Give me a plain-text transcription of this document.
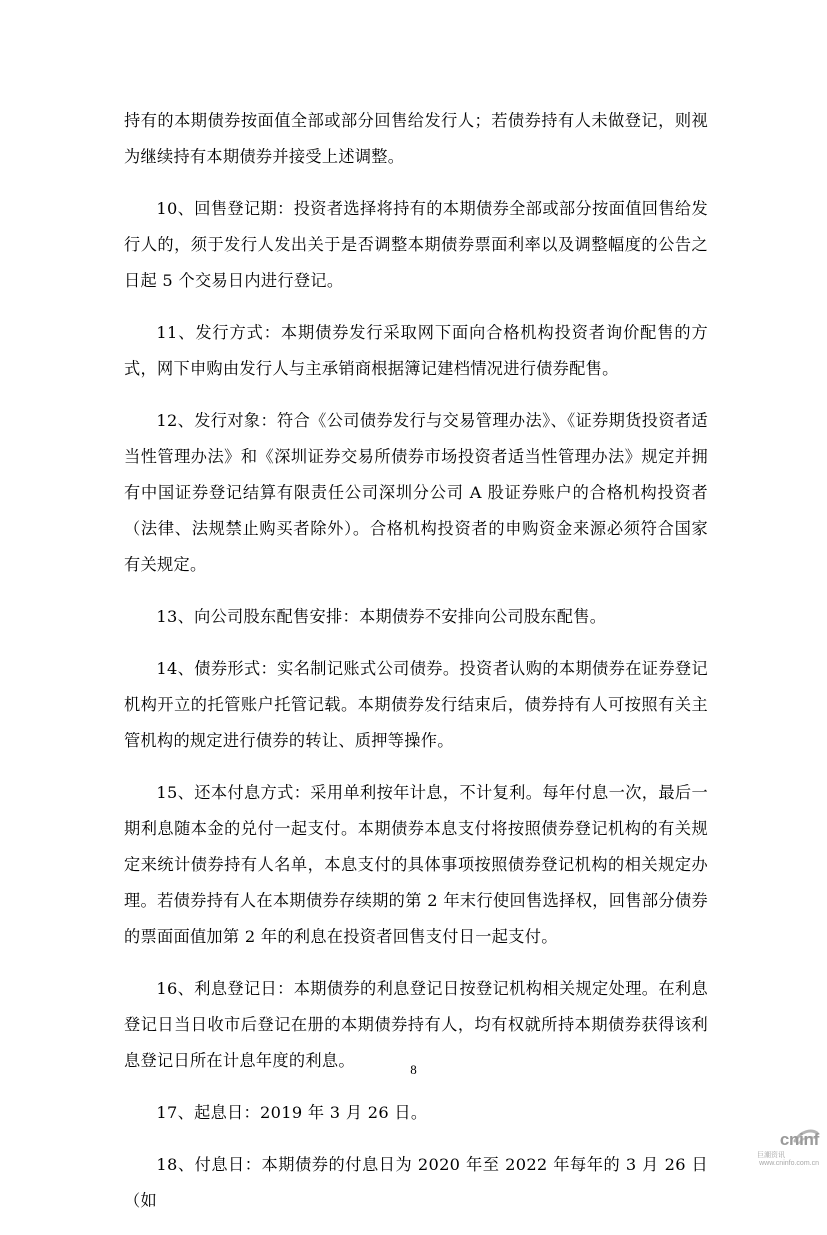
持有的本期债券按面值全部或部分回售给发行人；若债券持有人未做登记，则视为继续持有本期债券并接受上述调整。

10、回售登记期：投资者选择将持有的本期债券全部或部分按面值回售给发行人的，须于发行人发出关于是否调整本期债券票面利率以及调整幅度的公告之日起 5 个交易日内进行登记。

11、发行方式：本期债券发行采取网下面向合格机构投资者询价配售的方式，网下申购由发行人与主承销商根据簿记建档情况进行债券配售。

12、发行对象：符合《公司债券发行与交易管理办法》、《证券期货投资者适当性管理办法》和《深圳证券交易所债券市场投资者适当性管理办法》规定并拥有中国证券登记结算有限责任公司深圳分公司 A 股证券账户的合格机构投资者（法律、法规禁止购买者除外）。合格机构投资者的申购资金来源必须符合国家有关规定。

13、向公司股东配售安排：本期债券不安排向公司股东配售。

14、债券形式：实名制记账式公司债券。投资者认购的本期债券在证券登记机构开立的托管账户托管记载。本期债券发行结束后，债券持有人可按照有关主管机构的规定进行债券的转让、质押等操作。

15、还本付息方式：采用单利按年计息，不计复利。每年付息一次，最后一期利息随本金的兑付一起支付。本期债券本息支付将按照债券登记机构的有关规定来统计债券持有人名单，本息支付的具体事项按照债券登记机构的相关规定办理。若债券持有人在本期债券存续期的第 2 年末行使回售选择权，回售部分债券的票面面值加第 2 年的利息在投资者回售支付日一起支付。

16、利息登记日：本期债券的利息登记日按登记机构相关规定处理。在利息登记日当日收市后登记在册的本期债券持有人，均有权就所持本期债券获得该利息登记日所在计息年度的利息。

17、起息日：2019 年 3 月 26 日。

18、付息日：本期债券的付息日为 2020 年至 2022 年每年的 3 月 26 日（如

8
cninf
巨潮资讯
www.cninfo.com.cn
